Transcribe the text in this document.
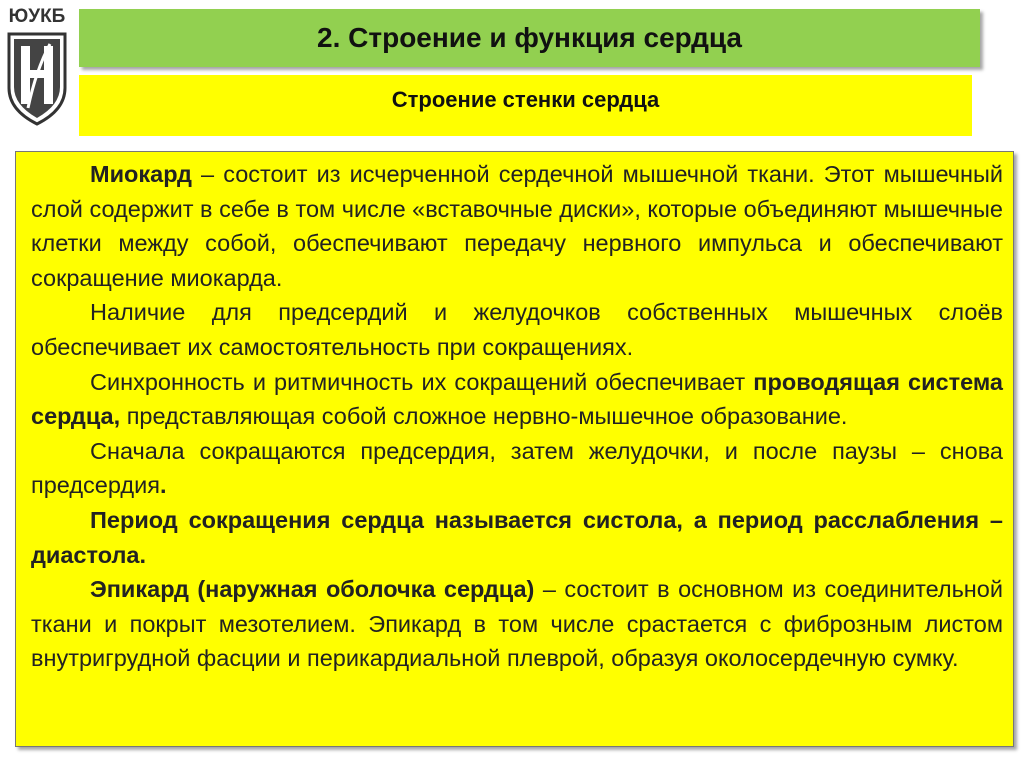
ЮУКБ
2. Строение и функция сердца
Строение стенки сердца

Миокард – состоит из исчерченной сердечной мышечной ткани. Этот мышечный слой содержит в себе в том числе «вставочные диски», которые объединяют мышечные клетки между собой, обеспечивают передачу нервного импульса и обеспечивают сокращение миокарда.

Наличие для предсердий и желудочков собственных мышечных слоёв обеспечивает их самостоятельность при сокращениях.

Синхронность и ритмичность их сокращений обеспечивает проводящая система сердца, представляющая собой сложное нервно-мышечное образование.

Сначала сокращаются предсердия, затем желудочки, и после паузы – снова предсердия.

Период сокращения сердца называется систола, а период расслабления – диастола.

Эпикард (наружная оболочка сердца) – состоит в основном из соединительной ткани и покрыт мезотелием. Эпикард в том числе срастается с фиброзным листом внутригрудной фасции и перикардиальной плеврой, образуя околосердечную сумку.
